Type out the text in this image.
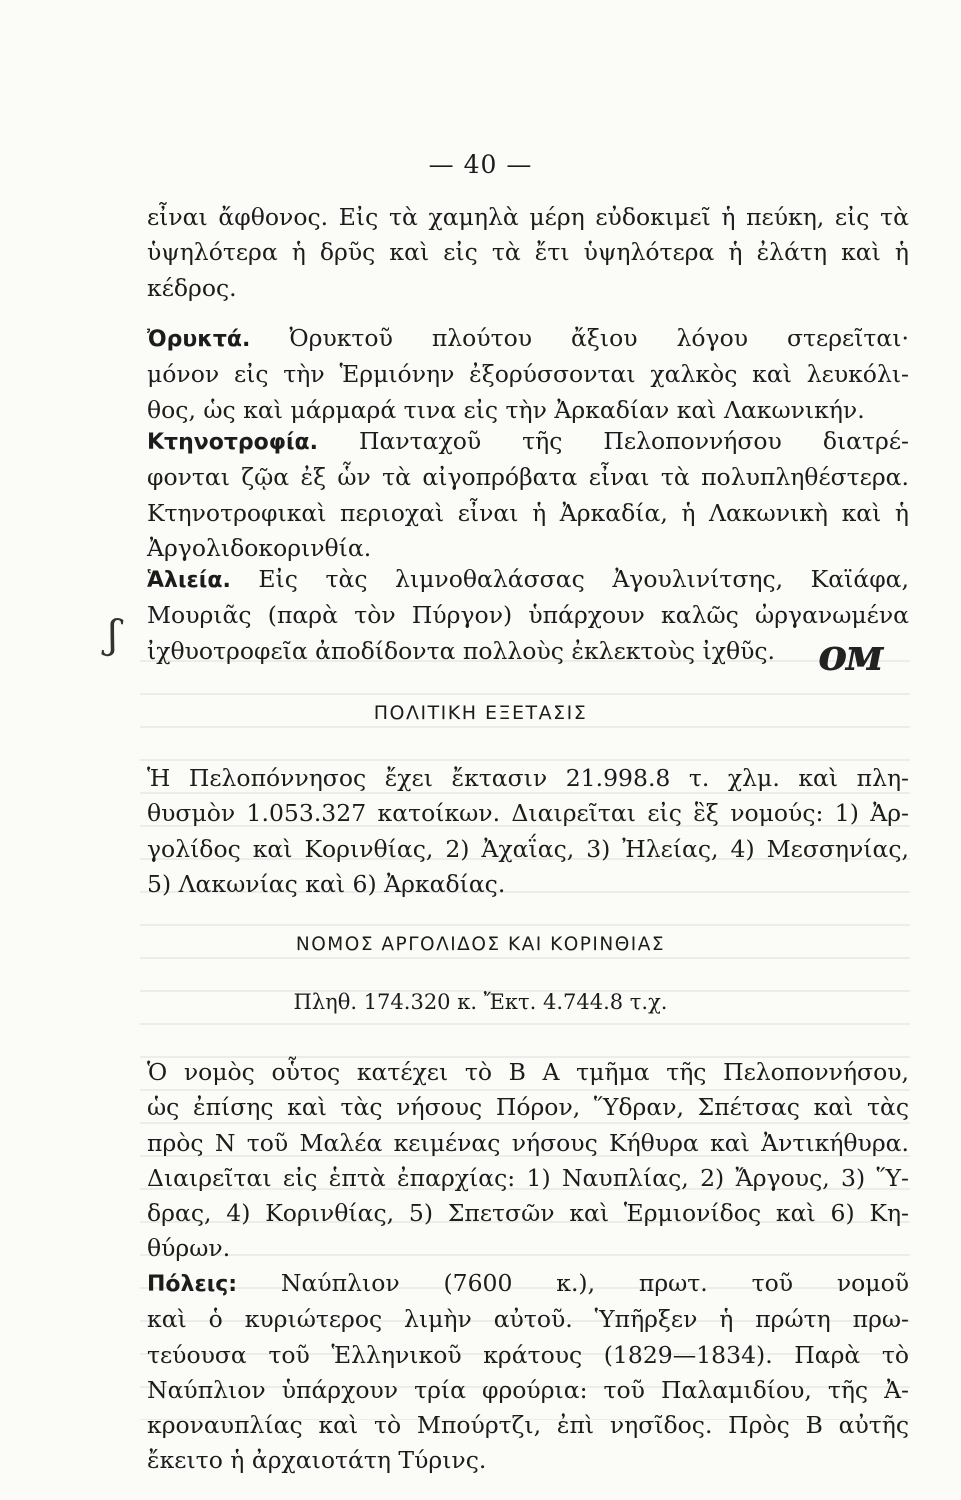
— 40 —
εἶναι ἄφθονος. Εἰς τὰ χαμηλὰ μέρη εὐδοκιμεῖ ἡ πεύκη, εἰς τὰ
ὑψηλότερα ἡ δρῦς καὶ εἰς τὰ ἔτι ὑψηλότερα ἡ ἐλάτη καὶ ἡ
κέδρος.
Ὀρυκτά. Ὀρυκτοῦ πλούτου ἄξιου λόγου στερεῖται·
μόνον εἰς τὴν Ἑρμιόνην ἐξορύσσονται χαλκὸς καὶ λευκόλι-
θος, ὡς καὶ μάρμαρά τινα εἰς τὴν Ἀρκαδίαν καὶ Λακωνικήν.
Κτηνοτροφία. Πανταχοῦ τῆς Πελοποννήσου διατρέ-
φονται ζῷα ἐξ ὧν τὰ αἰγοπρόβατα εἶναι τὰ πολυπληθέστερα.
Κτηνοτροφικαὶ περιοχαὶ εἶναι ἡ Ἀρκαδία, ἡ Λακωνικὴ καὶ ἡ
Ἀργολιδοκορινθία.
Ἁλιεία. Εἰς τὰς λιμνοθαλάσσας Ἀγουλινίτσης, Καϊάφα,
Μουριᾶς (παρὰ τὸν Πύργον) ὑπάρχουν καλῶς ὠργανωμένα
ἰχθυοτροφεῖα ἀποδίδοντα πολλοὺς ἐκλεκτοὺς ἰχθῦς.
ʃ	ᴏᴍ
ΠΟΛΙΤΙΚΗ ΕΞΕΤΑΣΙΣ
Ἡ Πελοπόννησος ἔχει ἔκτασιν 21.998.8 τ. χλμ. καὶ πλη-
θυσμὸν 1.053.327 κατοίκων. Διαιρεῖται εἰς ἓξ νομούς: 1) Ἀρ-
γολίδος καὶ Κορινθίας, 2) Ἀχαΐας, 3) Ἠλείας, 4) Μεσσηνίας,
5) Λακωνίας καὶ 6) Ἀρκαδίας.
ΝΟΜΟΣ ΑΡΓΟΛΙΔΟΣ ΚΑΙ ΚΟΡΙΝΘΙΑΣ
Πληθ. 174.320 κ. Ἔκτ. 4.744.8 τ.χ.
Ὁ νομὸς οὗτος κατέχει τὸ Β Α τμῆμα τῆς Πελοποννήσου,
ὡς ἐπίσης καὶ τὰς νήσους Πόρον, Ὕδραν, Σπέτσας καὶ τὰς
πρὸς Ν τοῦ Μαλέα κειμένας νήσους Κήθυρα καὶ Ἀντικήθυρα.
Διαιρεῖται εἰς ἑπτὰ ἐπαρχίας: 1) Ναυπλίας, 2) Ἄργους, 3) Ὕ-
δρας, 4) Κορινθίας, 5) Σπετσῶν καὶ Ἑρμιονίδος καὶ 6) Κη-
θύρων.
Πόλεις: Ναύπλιον (7600 κ.), πρωτ. τοῦ νομοῦ
καὶ ὁ κυριώτερος λιμὴν αὐτοῦ. Ὑπῆρξεν ἡ πρώτη πρω-
τεύουσα τοῦ Ἑλληνικοῦ κράτους (1829—1834). Παρὰ τὸ
Ναύπλιον ὑπάρχουν τρία φρούρια: τοῦ Παλαμιδίου, τῆς Ἀ-
κροναυπλίας καὶ τὸ Μπούρτζι, ἐπὶ νησῖδος. Πρὸς Β αὐτῆς
ἔκειτο ἡ ἀρχαιοτάτη Τύρινς.
